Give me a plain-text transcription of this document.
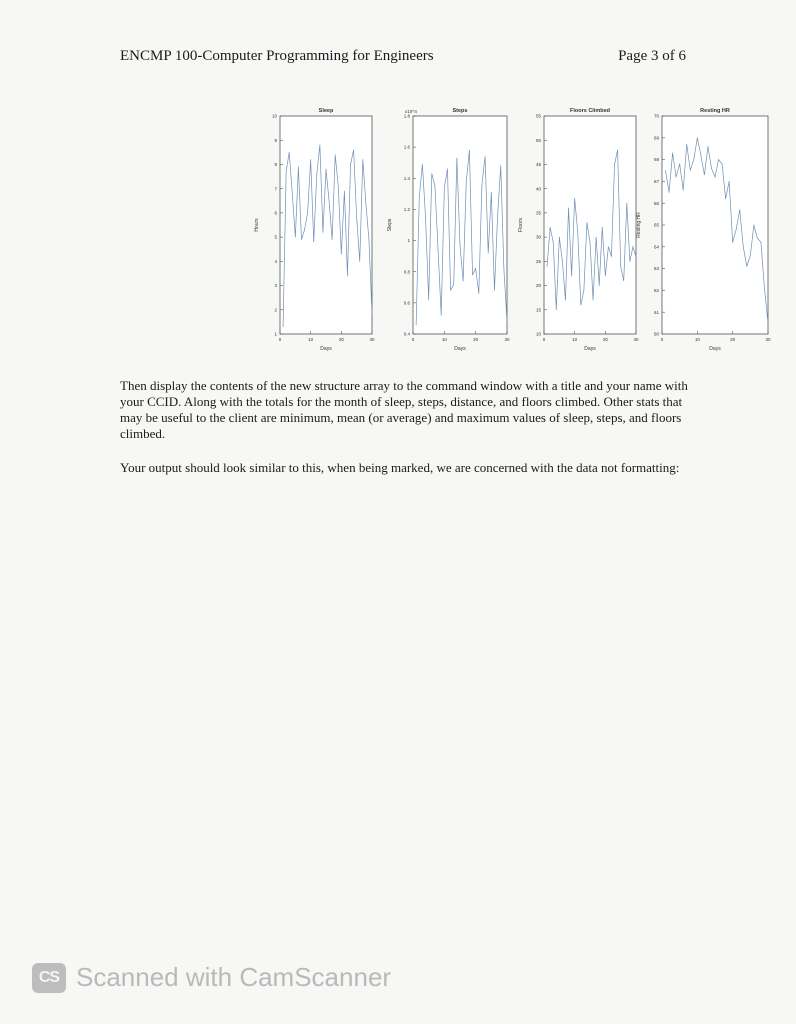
ENCMP 100-Computer Programming for Engineers	Page 3 of 6
Sleep
Days
Hours
0	10	20	30
1
2
3
4
5
6
7
8
9
10
Steps
Days
Steps
x10^4
0	10	20	30
0.4
0.6
0.8
1
1.2
1.4
1.6
1.8
Floors Climbed
Days
Floors
0	10	20	30
10
15
20
25
30
35
40
45
50
55
Resting HR
Days
Resting HR
0	10	20	30
60
61
62
63
64
65
66
67
68
69
70
Then display the contents of the new structure array to the command window with a title and your name with your CCID. Along with the totals for the month of sleep, steps, distance, and floors climbed. Other stats that may be useful to the client are minimum, mean (or average) and maximum values of sleep, steps, and floors climbed.
Your output should look similar to this, when being marked, we are concerned with the data not formatting:
CS Scanned with CamScanner
